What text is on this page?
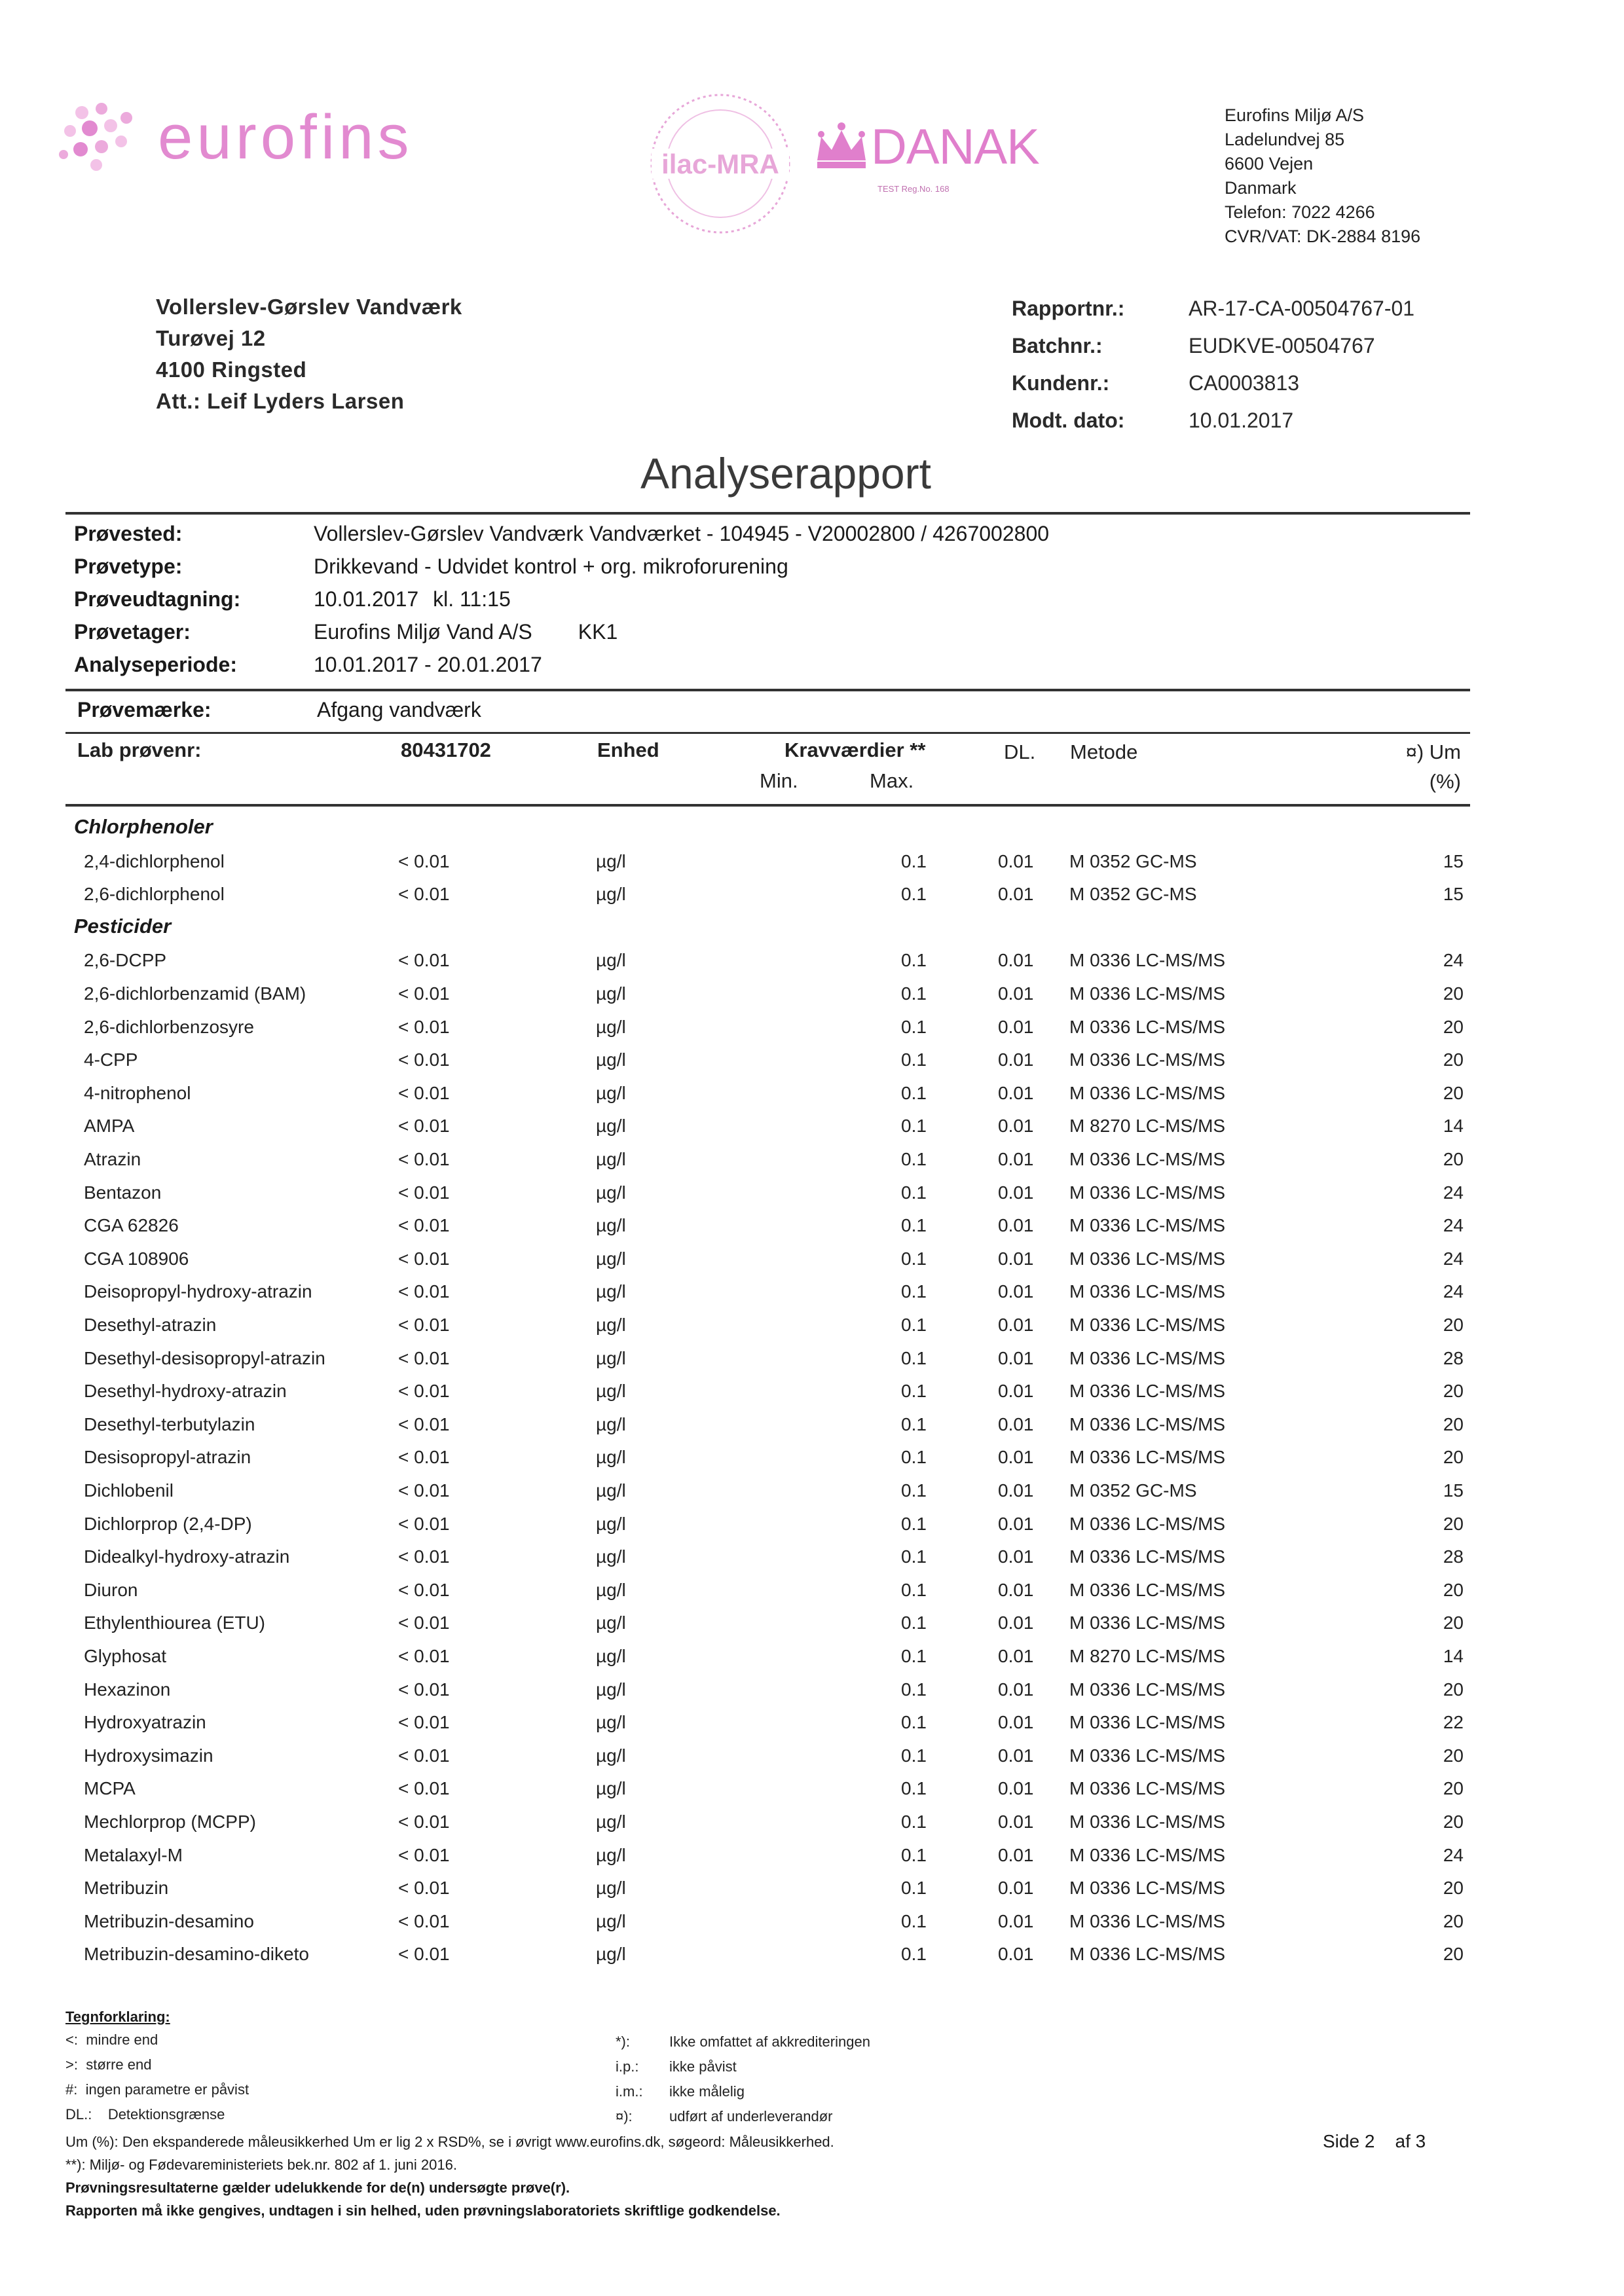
eurofins	ilac-MRA DANAK
TEST Reg.No. 168
Eurofins Miljø A/S
Ladelundvej 85
6600 Vejen
Danmark
Telefon: 7022 4266
CVR/VAT: DK-2884 8196
Vollerslev-Gørslev Vandværk
Turøvej 12
4100 Ringsted
Att.: Leif Lyders Larsen
Rapportnr.:	AR-17-CA-00504767-01
Batchnr.:	EUDKVE-00504767
Kundenr.:	CA0003813
Modt. dato:	10.01.2017
Analyserapport
Prøvested:	Vollerslev-Gørslev Vandværk Vandværket - 104945 - V20002800 / 4267002800
Prøvetype:	Drikkevand - Udvidet kontrol + org. mikroforurening
Prøveudtagning:	10.01.2017 kl. 11:15
Prøvetager:	Eurofins Miljø Vand A/S KK1
Analyseperiode:	10.01.2017 - 20.01.2017
Prøvemærke:	Afgang vandværk
Lab prøvenr:	80431702	Enhed	Kravværdier **
Min.	Max.
DL. Metode	¤) Um
(%)
Chlorphenoler
2,4-dichlorphenol	< 0.01	µg/l	0.1	0.01 M 0352 GC-MS	15
2,6-dichlorphenol	< 0.01	µg/l	0.1	0.01 M 0352 GC-MS	15
Pesticider
2,6-DCPP	< 0.01	µg/l	0.1	0.01 M 0336 LC-MS/MS	24
2,6-dichlorbenzamid (BAM)	< 0.01	µg/l	0.1	0.01 M 0336 LC-MS/MS	20
2,6-dichlorbenzosyre	< 0.01	µg/l	0.1	0.01 M 0336 LC-MS/MS	20
4-CPP	< 0.01	µg/l	0.1	0.01 M 0336 LC-MS/MS	20
4-nitrophenol	< 0.01	µg/l	0.1	0.01 M 0336 LC-MS/MS	20
AMPA	< 0.01	µg/l	0.1	0.01 M 8270 LC-MS/MS	14
Atrazin	< 0.01	µg/l	0.1	0.01 M 0336 LC-MS/MS	20
Bentazon	< 0.01	µg/l	0.1	0.01 M 0336 LC-MS/MS	24
CGA 62826	< 0.01	µg/l	0.1	0.01 M 0336 LC-MS/MS	24
CGA 108906	< 0.01	µg/l	0.1	0.01 M 0336 LC-MS/MS	24
Deisopropyl-hydroxy-atrazin	< 0.01	µg/l	0.1	0.01 M 0336 LC-MS/MS	24
Desethyl-atrazin	< 0.01	µg/l	0.1	0.01 M 0336 LC-MS/MS	20
Desethyl-desisopropyl-atrazin	< 0.01	µg/l	0.1	0.01 M 0336 LC-MS/MS	28
Desethyl-hydroxy-atrazin	< 0.01	µg/l	0.1	0.01 M 0336 LC-MS/MS	20
Desethyl-terbutylazin	< 0.01	µg/l	0.1	0.01 M 0336 LC-MS/MS	20
Desisopropyl-atrazin	< 0.01	µg/l	0.1	0.01 M 0336 LC-MS/MS	20
Dichlobenil	< 0.01	µg/l	0.1	0.01 M 0352 GC-MS	15
Dichlorprop (2,4-DP)	< 0.01	µg/l	0.1	0.01 M 0336 LC-MS/MS	20
Didealkyl-hydroxy-atrazin	< 0.01	µg/l	0.1	0.01 M 0336 LC-MS/MS	28
Diuron	< 0.01	µg/l	0.1	0.01 M 0336 LC-MS/MS	20
Ethylenthiourea (ETU)	< 0.01	µg/l	0.1	0.01 M 0336 LC-MS/MS	20
Glyphosat	< 0.01	µg/l	0.1	0.01 M 8270 LC-MS/MS	14
Hexazinon	< 0.01	µg/l	0.1	0.01 M 0336 LC-MS/MS	20
Hydroxyatrazin	< 0.01	µg/l	0.1	0.01 M 0336 LC-MS/MS	22
Hydroxysimazin	< 0.01	µg/l	0.1	0.01 M 0336 LC-MS/MS	20
MCPA	< 0.01	µg/l	0.1	0.01 M 0336 LC-MS/MS	20
Mechlorprop (MCPP)	< 0.01	µg/l	0.1	0.01 M 0336 LC-MS/MS	20
Metalaxyl-M	< 0.01	µg/l	0.1	0.01 M 0336 LC-MS/MS	24
Metribuzin	< 0.01	µg/l	0.1	0.01 M 0336 LC-MS/MS	20
Metribuzin-desamino	< 0.01	µg/l	0.1	0.01 M 0336 LC-MS/MS	20
Metribuzin-desamino-diketo	< 0.01	µg/l	0.1	0.01 M 0336 LC-MS/MS	20
Tegnforklaring:
<: mindre end
>: større end
#: ingen parametre er påvist
DL.: Detektionsgrænse
*):	Ikke omfattet af akkrediteringen
i.p.:	ikke påvist
i.m.:	ikke målelig
¤):	udført af underleverandør
Um (%): Den ekspanderede måleusikkerhed Um er lig 2 x RSD%, se i øvrigt www.eurofins.dk, søgeord: Måleusikkerhed.
**): Miljø- og Fødevareministeriets bek.nr. 802 af 1. juni 2016.
Prøvningsresultaterne gælder udelukkende for de(n) undersøgte prøve(r).
Rapporten må ikke gengives, undtagen i sin helhed, uden prøvningslaboratoriets skriftlige godkendelse.
Side 2 af 3
